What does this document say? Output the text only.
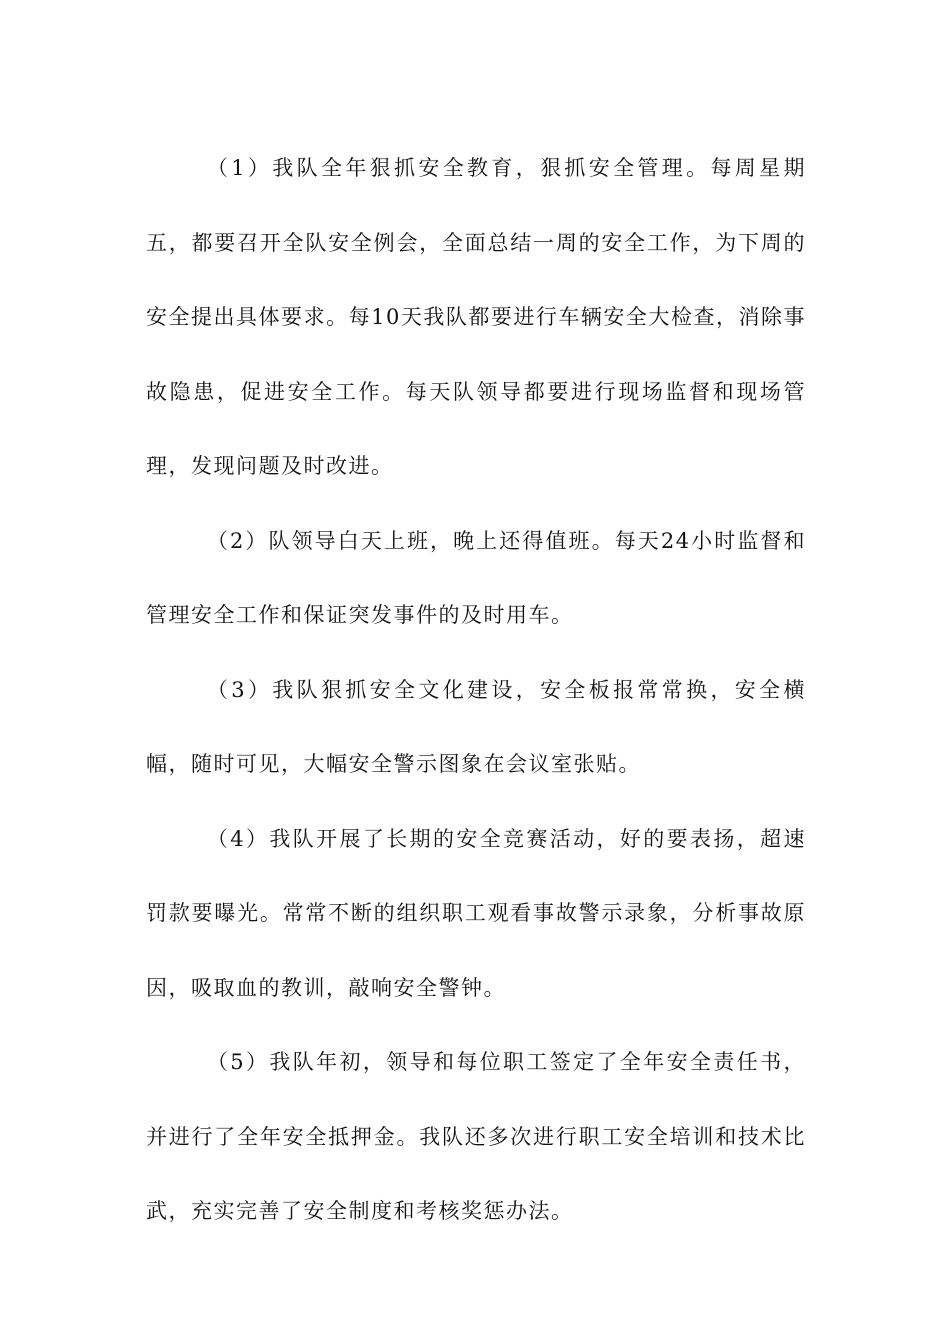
（1）我队全年狠抓安全教育，狠抓安全管理。每周星期五，都要召开全队安全例会，全面总结一周的安全工作，为下周的安全提出具体要求。每10天我队都要进行车辆安全大检查，消除事故隐患，促进安全工作。每天队领导都要进行现场监督和现场管理，发现问题及时改进。

（2）队领导白天上班，晚上还得值班。每天24小时监督和管理安全工作和保证突发事件的及时用车。

（3）我队狠抓安全文化建设，安全板报常常换，安全横幅，随时可见，大幅安全警示图象在会议室张贴。

（4）我队开展了长期的安全竞赛活动，好的要表扬，超速罚款要曝光。常常不断的组织职工观看事故警示录象，分析事故原因，吸取血的教训，敲响安全警钟。

（5）我队年初，领导和每位职工签定了全年安全责任书，并进行了全年安全抵押金。我队还多次进行职工安全培训和技术比武，充实完善了安全制度和考核奖惩办法。
